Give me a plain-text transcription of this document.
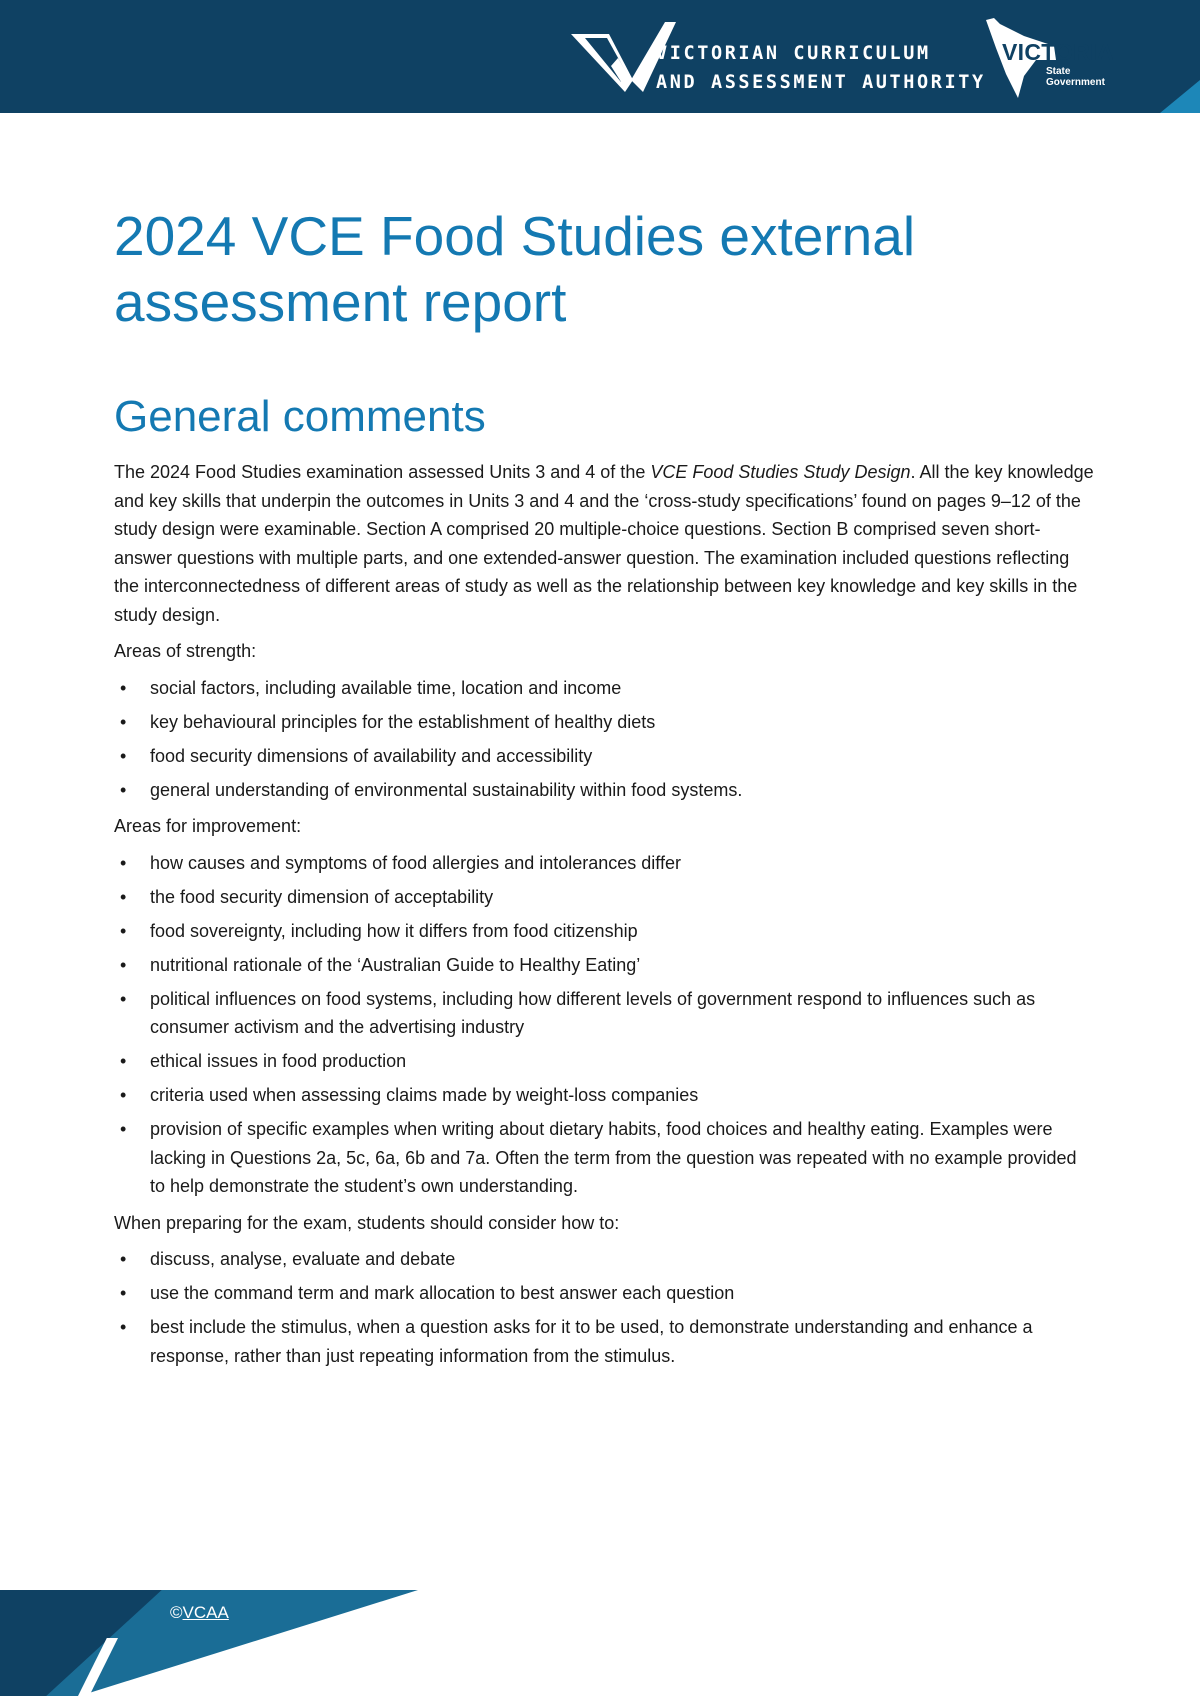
VICTORIAN CURRICULUM
AND ASSESSMENT AUTHORITY
VICTORIA
State
Government
2024 VCE Food Studies external assessment report
General comments

The 2024 Food Studies examination assessed Units 3 and 4 of the VCE Food Studies Study Design. All the key knowledge and key skills that underpin the outcomes in Units 3 and 4 and the ‘cross-study specifications’ found on pages 9–12 of the study design were examinable. Section A comprised 20 multiple-choice questions. Section B comprised seven short-answer questions with multiple parts, and one extended-answer question. The examination included questions reflecting the interconnectedness of different areas of study as well as the relationship between key knowledge and key skills in the study design.

Areas of strength:

• social factors, including available time, location and income
• key behavioural principles for the establishment of healthy diets
• food security dimensions of availability and accessibility
• general understanding of environmental sustainability within food systems.

Areas for improvement:

• how causes and symptoms of food allergies and intolerances differ
• the food security dimension of acceptability
• food sovereignty, including how it differs from food citizenship
• nutritional rationale of the ‘Australian Guide to Healthy Eating’
• political influences on food systems, including how different levels of government respond to influences such as consumer activism and the advertising industry
• ethical issues in food production
• criteria used when assessing claims made by weight-loss companies
• provision of specific examples when writing about dietary habits, food choices and healthy eating. Examples were lacking in Questions 2a, 5c, 6a, 6b and 7a. Often the term from the question was repeated with no example provided to help demonstrate the student’s own understanding.

When preparing for the exam, students should consider how to:

• discuss, analyse, evaluate and debate
• use the command term and mark allocation to best answer each question
• best include the stimulus, when a question asks for it to be used, to demonstrate understanding and enhance a response, rather than just repeating information from the stimulus.
©VCAA
